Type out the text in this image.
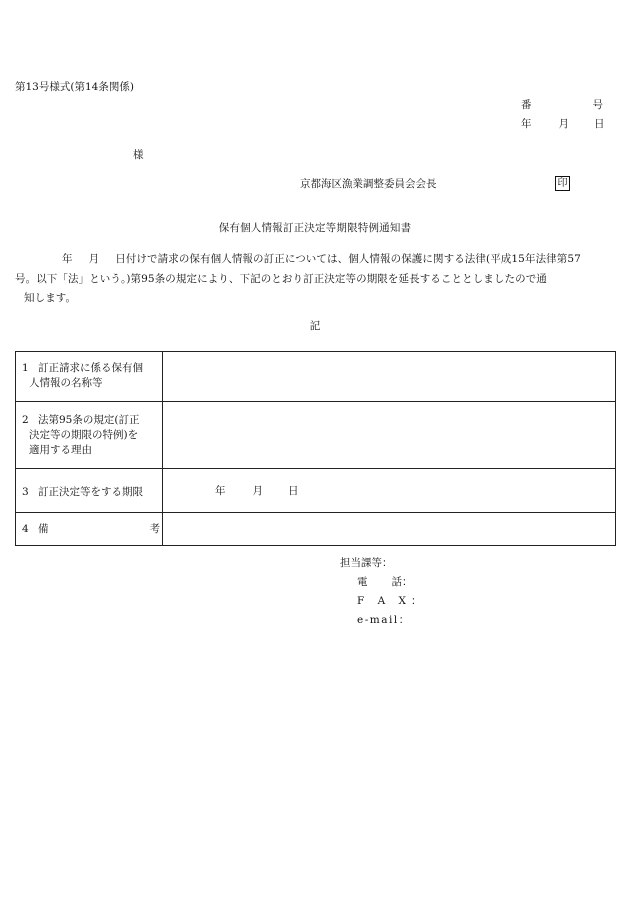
第13号様式(第14条関係)
番	号
年	月 日
様
京都海区漁業調整委員会会長	印
保有個人情報訂正決定等期限特例通知書

年 月 日付けで請求の保有個人情報の訂正については、個人情報の保護に関する法律(平成15年法律第57

号。以下「法」という。)第95条の規定により、下記のとおり訂正決定等の期限を延長することとしましたので通

知します。

記
1 訂正請求に係る保有個
人情報の名称等	

2 法第95条の規定(訂正
決定等の期限の特例)を
適用する理由	

3 訂正決定等をする期限	年 月 日

4 備 考	

担当課等：
電 話：
F A X：
e-mail：
